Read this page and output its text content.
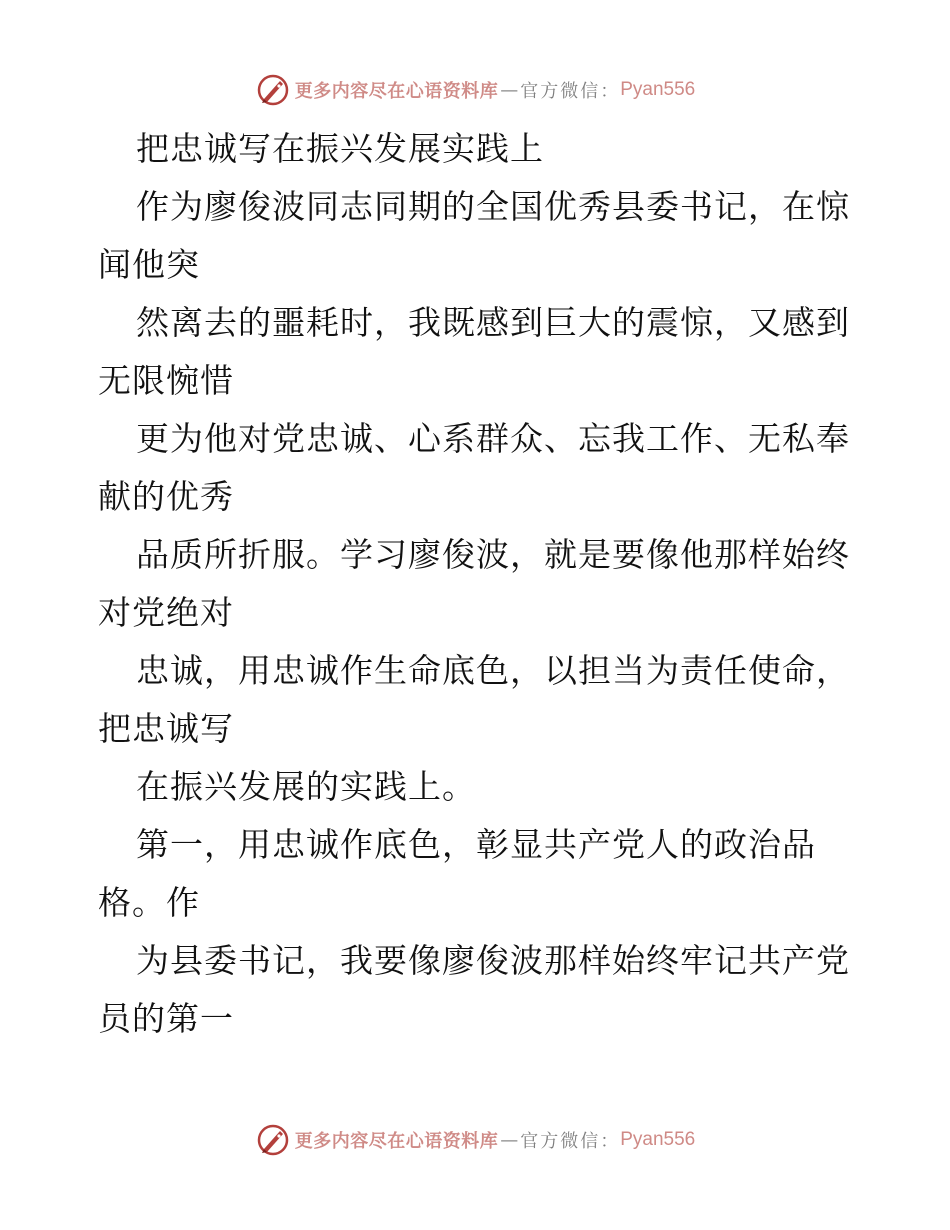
更多内容尽在心语资料库 — 官方微信： Pyan556
把忠诚写在振兴发展实践上
作为廖俊波同志同期的全国优秀县委书记，在惊
闻他突
然离去的噩耗时，我既感到巨大的震惊，又感到
无限惋惜
更为他对党忠诚、心系群众、忘我工作、无私奉
献的优秀
品质所折服。学习廖俊波，就是要像他那样始终
对党绝对
忠诚，用忠诚作生命底色，以担当为责任使命，
把忠诚写
在振兴发展的实践上。
第一，用忠诚作底色，彰显共产党人的政治品
格。作
为县委书记，我要像廖俊波那样始终牢记共产党
员的第一
更多内容尽在心语资料库 — 官方微信： Pyan556
